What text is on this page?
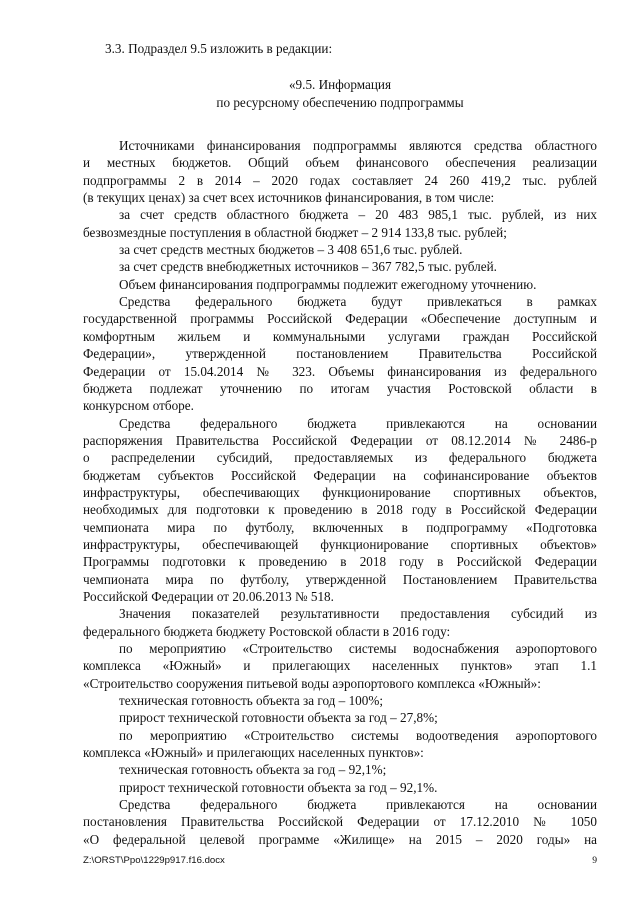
3.3. Подраздел 9.5 изложить в редакции:

«9.5. Информация

по ресурсному обеспечению подпрограммы

Источниками финансирования подпрограммы являются средства областного

и местных бюджетов. Общий объем финансового обеспечения реализации

подпрограммы 2 в 2014 – 2020 годах составляет 24 260 419,2 тыс. рублей

(в текущих ценах) за счет всех источников финансирования, в том числе:

за счет средств областного бюджета – 20 483 985,1 тыс. рублей, из них

безвозмездные поступления в областной бюджет – 2 914 133,8 тыс. рублей;

за счет средств местных бюджетов – 3 408 651,6 тыс. рублей.

за счет средств внебюджетных источников – 367 782,5 тыс. рублей.

Объем финансирования подпрограммы подлежит ежегодному уточнению.

Средства федерального бюджета будут привлекаться в рамках

государственной программы Российской Федерации «Обеспечение доступным и

комфортным жильем и коммунальными услугами граждан Российской

Федерации», утвержденной постановлением Правительства Российской

Федерации от 15.04.2014 № 323. Объемы финансирования из федерального

бюджета подлежат уточнению по итогам участия Ростовской области в

конкурсном отборе.

Средства федерального бюджета привлекаются на основании

распоряжения Правительства Российской Федерации от 08.12.2014 № 2486-р

о распределении субсидий, предоставляемых из федерального бюджета

бюджетам субъектов Российской Федерации на софинансирование объектов

инфраструктуры, обеспечивающих функционирование спортивных объектов,

необходимых для подготовки к проведению в 2018 году в Российской Федерации

чемпионата мира по футболу, включенных в подпрограмму «Подготовка

инфраструктуры, обеспечивающей функционирование спортивных объектов»

Программы подготовки к проведению в 2018 году в Российской Федерации

чемпионата мира по футболу, утвержденной Постановлением Правительства

Российской Федерации от 20.06.2013 № 518.

Значения показателей результативности предоставления субсидий из

федерального бюджета бюджету Ростовской области в 2016 году:

по мероприятию «Строительство системы водоснабжения аэропортового

комплекса «Южный» и прилегающих населенных пунктов» этап 1.1

«Строительство сооружения питьевой воды аэропортового комплекса «Южный»:

техническая готовность объекта за год – 100%;

прирост технической готовности объекта за год – 27,8%;

по мероприятию «Строительство системы водоотведения аэропортового

комплекса «Южный» и прилегающих населенных пунктов»:

техническая готовность объекта за год – 92,1%;

прирост технической готовности объекта за год – 92,1%.

Средства федерального бюджета привлекаются на основании

постановления Правительства Российской Федерации от 17.12.2010 № 1050

«О федеральной целевой программе «Жилище» на 2015 – 2020 годы» на

Z:\ORST\Ppo\1229p917.f16.docx	9
